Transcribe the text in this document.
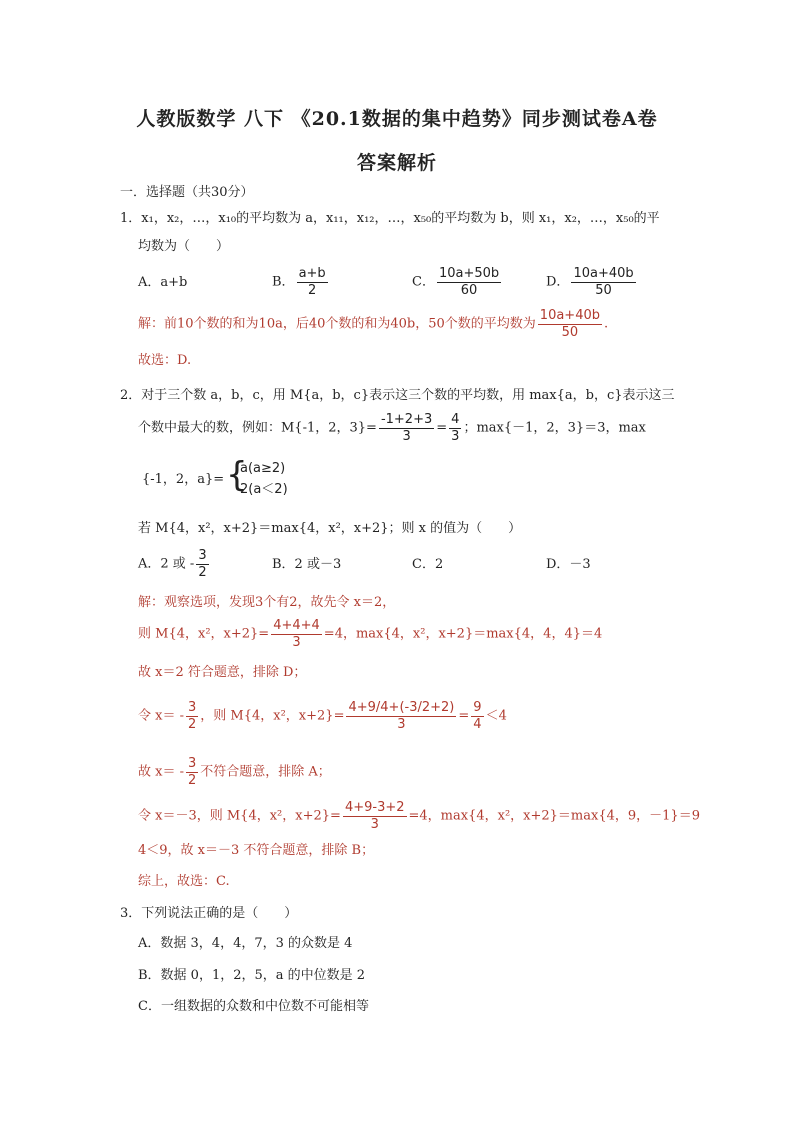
人教版数学 八下 《20.1数据的集中趋势》同步测试卷A卷
答案解析
一．选择题（共30分）
1．x₁，x₂，…，x₁₀的平均数为 a，x₁₁，x₁₂，…，x₅₀的平均数为 b，则 x₁，x₂，…，x₅₀的平
均数为（　　）
A．a+b	B． $\frac{a+b}{2}$	C． $\frac{10a+50b}{60}$	D． $\frac{10a+40b}{50}$
解：前10个数的和为10a，后40个数的和为40b，50个数的平均数为 $\frac{10a+40b}{50}$ .
故选：D.
2．对于三个数 a，b，c，用 M{a，b，c}表示这三个数的平均数，用 max{a，b，c}表示这三
个数中最大的数，例如：M{-1，2，$3\}= \frac{-1+2+3}{3} = \frac{4}{3}$ ；max{－1，2，3}＝3，max
{-1，2，a}= {
a(a≥2)
2(a＜2)
若 M{4，x²，x+2}＝max{4，x²，x+2}；则 x 的值为（　　）
A．2 或 - $\frac{3}{2}$	B．2 或－3	C．2	D．－3
解：观察选项，发现3个有2，故先令 x＝2，
则 M{4，x²，$x+2\}= \frac{4+4+4}{3} =4$，max{4，x²，x+2}＝max{4，4，4}＝4
故 x＝2 符合题意，排除 D；
令 $x= - \frac{3}{2}$ ，则 M{4，x²，$x+2\}= \frac{4+9/4+(-3/2+2)}{3} = \frac{9}{4} <4$
故 $x= - \frac{3}{2}$ 不符合题意，排除 A；
令 x＝－3，则 M{4，x²，$x+2\}= \frac{4+9-3+2}{3} =4$，max{4，x²，x+2}＝max{4，9，－1}＝9
4＜9，故 x＝－3 不符合题意，排除 B；
综上，故选：C.
3．下列说法正确的是（　　）
A．数据 3，4，4，7，3 的众数是 4
B．数据 0，1，2，5，a 的中位数是 2
C．一组数据的众数和中位数不可能相等
